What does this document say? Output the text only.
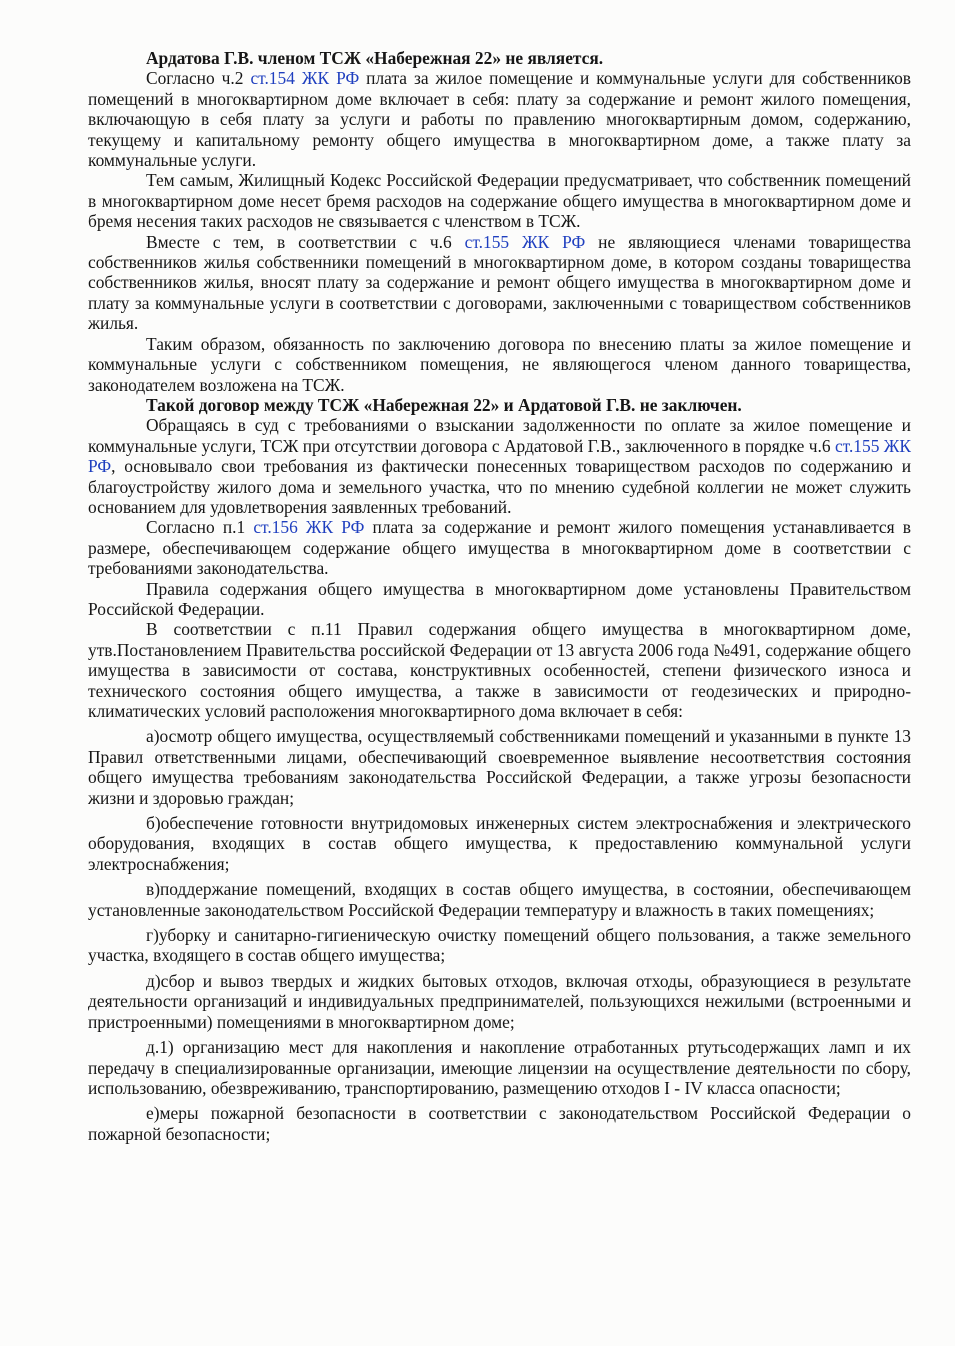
Ардатова Г.В. членом ТСЖ «Набережная 22» не является.

Согласно ч.2 ст.154 ЖК РФ плата за жилое помещение и коммунальные услуги для собственников помещений в многоквартирном доме включает в себя: плату за содержание и ремонт жилого помещения, включающую в себя плату за услуги и работы по правлению многоквартирным домом, содержанию, текущему и капитальному ремонту общего имущества в многоквартирном доме, а также плату за коммунальные услуги.

Тем самым, Жилищный Кодекс Российской Федерации предусматривает, что собственник помещений в многоквартирном доме несет бремя расходов на содержание общего имущества в многоквартирном доме и бремя несения таких расходов не связывается с членством в ТСЖ.

Вместе с тем, в соответствии с ч.6 ст.155 ЖК РФ не являющиеся членами товарищества собственников жилья собственники помещений в многоквартирном доме, в котором созданы товарищества собственников жилья, вносят плату за содержание и ремонт общего имущества в многоквартирном доме и плату за коммунальные услуги в соответствии с договорами, заключенными с товариществом собственников жилья.

Таким образом, обязанность по заключению договора по внесению платы за жилое помещение и коммунальные услуги с собственником помещения, не являющегося членом данного товарищества, законодателем возложена на ТСЖ.

Такой договор между ТСЖ «Набережная 22» и Ардатовой Г.В. не заключен.

Обращаясь в суд с требованиями о взыскании задолженности по оплате за жилое помещение и коммунальные услуги, ТСЖ при отсутствии договора с Ардатовой Г.В., заключенного в порядке ч.6 ст.155 ЖК РФ, основывало свои требования из фактически понесенных товариществом расходов по содержанию и благоустройству жилого дома и земельного участка, что по мнению судебной коллегии не может служить основанием для удовлетворения заявленных требований.

Согласно п.1 ст.156 ЖК РФ плата за содержание и ремонт жилого помещения устанавливается в размере, обеспечивающем содержание общего имущества в многоквартирном доме в соответствии с требованиями законодательства.

Правила содержания общего имущества в многоквартирном доме установлены Правительством Российской Федерации.

В соответствии с п.11 Правил содержания общего имущества в многоквартирном доме, утв.Постановлением Правительства российской Федерации от 13 августа 2006 года №491, содержание общего имущества в зависимости от состава, конструктивных особенностей, степени физического износа и технического состояния общего имущества, а также в зависимости от геодезических и природно-климатических условий расположения многоквартирного дома включает в себя:

а)осмотр общего имущества, осуществляемый собственниками помещений и указанными в пункте 13 Правил ответственными лицами, обеспечивающий своевременное выявление несоответствия состояния общего имущества требованиям законодательства Российской Федерации, а также угрозы безопасности жизни и здоровью граждан;

б)обеспечение готовности внутридомовых инженерных систем электроснабжения и электрического оборудования, входящих в состав общего имущества, к предоставлению коммунальной услуги электроснабжения;

в)поддержание помещений, входящих в состав общего имущества, в состоянии, обеспечивающем установленные законодательством Российской Федерации температуру и влажность в таких помещениях;

г)уборку и санитарно-гигиеническую очистку помещений общего пользования, а также земельного участка, входящего в состав общего имущества;

д)сбор и вывоз твердых и жидких бытовых отходов, включая отходы, образующиеся в результате деятельности организаций и индивидуальных предпринимателей, пользующихся нежилыми (встроенными и пристроенными) помещениями в многоквартирном доме;

д.1) организацию мест для накопления и накопление отработанных ртутьсодержащих ламп и их передачу в специализированные организации, имеющие лицензии на осуществление деятельности по сбору, использованию, обезвреживанию, транспортированию, размещению отходов I - IV класса опасности;

е)меры пожарной безопасности в соответствии с законодательством Российской Федерации о пожарной безопасности;
